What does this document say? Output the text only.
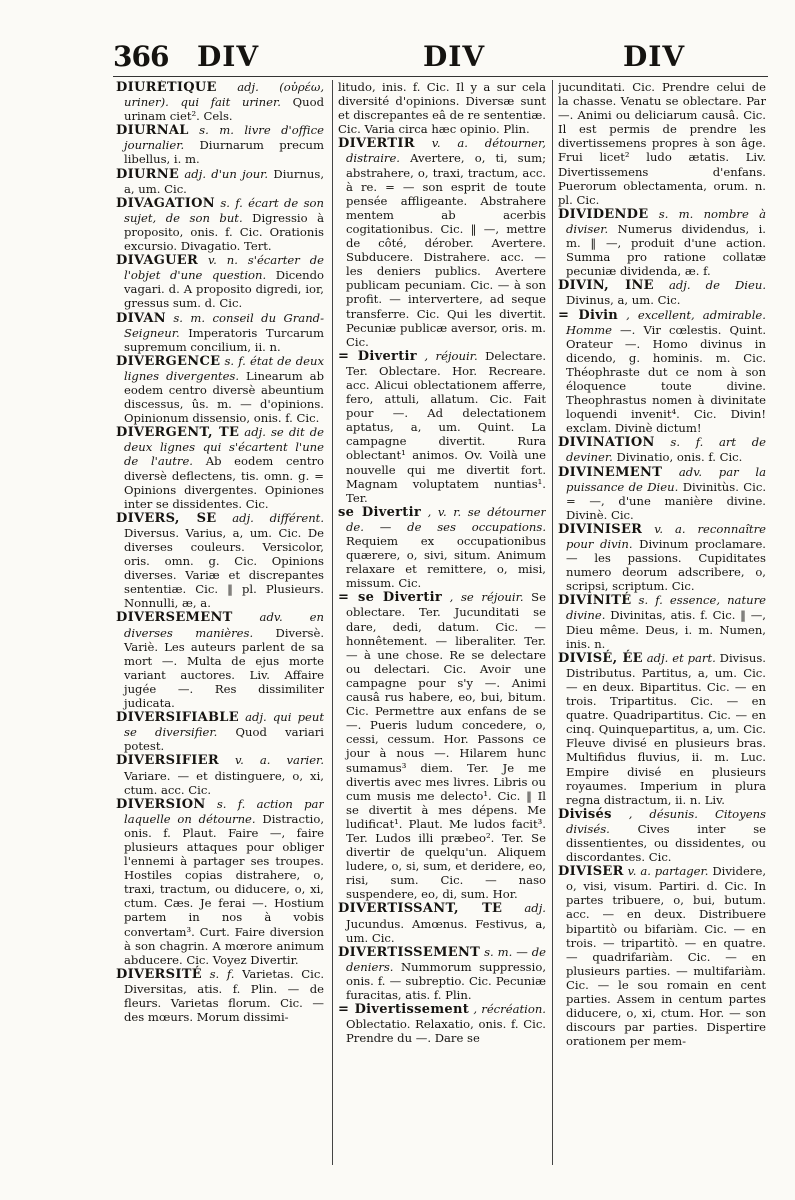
366 DIV	DIV	DIV

DIURÉTIQUE adj. (οὐρέω, uriner). qui fait uriner. Quod urinam ciet². Cels.

DIURNAL s. m. livre d'office journalier. Diurnarum precum libellus, i. m.

DIURNE adj. d'un jour. Diurnus, a, um. Cic.

DIVAGATION s. f. écart de son sujet, de son but. Digressio à proposito, onis. f. Cic. Orationis excursio. Divagatio. Tert.

DIVAGUER v. n. s'écarter de l'objet d'une question. Dicendo vagari. d. A proposito digredi, ior, gressus sum. d. Cic.

DIVAN s. m. conseil du Grand-Seigneur. Imperatoris Turcarum supremum concilium, ii. n.

DIVERGENCE s. f. état de deux lignes divergentes. Linearum ab eodem centro diversè abeuntium discessus, ûs. m. — d'opinions. Opinionum dissensio, onis. f. Cic.

DIVERGENT, TE adj. se dit de deux lignes qui s'écartent l'une de l'autre. Ab eodem centro diversè deflectens, tis. omn. g. = Opinions divergentes. Opiniones inter se dissidentes. Cic.

DIVERS, SE adj. différent. Diversus. Varius, a, um. Cic. De diverses couleurs. Versicolor, oris. omn. g. Cic. Opinions diverses. Variæ et discrepantes sententiæ. Cic. ‖ pl. Plusieurs. Nonnulli, æ, a.

DIVERSEMENT adv. en diverses manières. Diversè. Variè. Les auteurs parlent de sa mort —. Multa de ejus morte variant auctores. Liv. Affaire jugée —. Res dissimiliter judicata.

DIVERSIFIABLE adj. qui peut se diversifier. Quod variari potest.

DIVERSIFIER v. a. varier. Variare. — et distinguere, o, xi, ctum. acc. Cic.

DIVERSION s. f. action par laquelle on détourne. Distractio, onis. f. Plaut. Faire —, faire plusieurs attaques pour obliger l'ennemi à partager ses troupes. Hostiles copias distrahere, o, traxi, tractum, ou diducere, o, xi, ctum. Cæs. Je ferai —. Hostium partem in nos à vobis convertam³. Curt. Faire diversion à son chagrin. A mœrore animum abducere. Cic. Voyez Divertir.

DIVERSITÉ s. f. Varietas. Cic. Diversitas, atis. f. Plin. — de fleurs. Varietas florum. Cic. — des mœurs. Morum dissimi-

litudo, inis. f. Cic. Il y a sur cela diversité d'opinions. Diversæ sunt et discrepantes eâ de re sententiæ. Cic. Varia circa hæc opinio. Plin.

DIVERTIR v. a. détourner, distraire. Avertere, o, ti, sum; abstrahere, o, traxi, tractum, acc. à re. = — son esprit de toute pensée affligeante. Abstrahere mentem ab acerbis cogitationibus. Cic. ‖ —, mettre de côté, dérober. Avertere. Subducere. Distrahere. acc. — les deniers publics. Avertere publicam pecuniam. Cic. — à son profit. — intervertere, ad seque transferre. Cic. Qui les divertit. Pecuniæ publicæ aversor, oris. m. Cic.

= Divertir , réjouir. Delectare. Ter. Oblectare. Hor. Recreare. acc. Alicui oblectationem afferre, fero, attuli, allatum. Cic. Fait pour —. Ad delectationem aptatus, a, um. Quint. La campagne divertit. Rura oblectant¹ animos. Ov. Voilà une nouvelle qui me divertit fort. Magnam voluptatem nuntias¹. Ter.

se Divertir , v. r. se détourner de. — de ses occupations. Requiem ex occupationibus quærere, o, sivi, situm. Animum relaxare et remittere, o, misi, missum. Cic.

= se Divertir , se réjouir. Se oblectare. Ter. Jucunditati se dare, dedi, datum. Cic. — honnêtement. — liberaliter. Ter. — à une chose. Re se delectare ou delectari. Cic. Avoir une campagne pour s'y —. Animi causâ rus habere, eo, bui, bitum. Cic. Permettre aux enfans de se —. Pueris ludum concedere, o, cessi, cessum. Hor. Passons ce jour à nous —. Hilarem hunc sumamus³ diem. Ter. Je me divertis avec mes livres. Libris ou cum musis me delecto¹. Cic. ‖ Il se divertit à mes dépens. Me ludificat¹. Plaut. Me ludos facit³. Ter. Ludos illi præbeo². Ter. Se divertir de quelqu'un. Aliquem ludere, o, si, sum, et deridere, eo, risi, sum. Cic. — naso suspendere, eo, di, sum. Hor.

DIVERTISSANT, TE adj. Jucundus. Amœnus. Festivus, a, um. Cic.

DIVERTISSEMENT s. m. — de deniers. Nummorum suppressio, onis. f. — subreptio. Cic. Pecuniæ furacitas, atis. f. Plin.

= Divertissement , récréation. Oblectatio. Relaxatio, onis. f. Cic. Prendre du —. Dare se

jucunditati. Cic. Prendre celui de la chasse. Venatu se oblectare. Par —. Animi ou deliciarum causâ. Cic. Il est permis de prendre les divertissemens propres à son âge. Frui licet² ludo ætatis. Liv. Divertissemens d'enfans. Puerorum oblectamenta, orum. n. pl. Cic.

DIVIDENDE s. m. nombre à diviser. Numerus dividendus, i. m. ‖ —, produit d'une action. Summa pro ratione collatæ pecuniæ dividenda, æ. f.

DIVIN, INE adj. de Dieu. Divinus, a, um. Cic.

= Divin , excellent, admirable. Homme —. Vir cœlestis. Quint. Orateur —. Homo divinus in dicendo, g. hominis. m. Cic. Théophraste dut ce nom à son éloquence toute divine. Theophrastus nomen à divinitate loquendi invenit⁴. Cic. Divin! exclam. Divinè dictum!

DIVINATION s. f. art de deviner. Divinatio, onis. f. Cic.

DIVINEMENT adv. par la puissance de Dieu. Divinitùs. Cic. = —, d'une manière divine. Divinè. Cic.

DIVINISER v. a. reconnaître pour divin. Divinum proclamare. — les passions. Cupiditates numero deorum adscribere, o, scripsi, scriptum. Cic.

DIVINITÉ s. f. essence, nature divine. Divinitas, atis. f. Cic. ‖ —, Dieu même. Deus, i. m. Numen, inis. n.

DIVISÉ, ÉE adj. et part. Divisus. Distributus. Partitus, a, um. Cic. — en deux. Bipartitus. Cic. — en trois. Tripartitus. Cic. — en quatre. Quadripartitus. Cic. — en cinq. Quinquepartitus, a, um. Cic. Fleuve divisé en plusieurs bras. Multifidus fluvius, ii. m. Luc. Empire divisé en plusieurs royaumes. Imperium in plura regna distractum, ii. n. Liv.

Divisés , désunis. Citoyens divisés. Cives inter se dissentientes, ou dissidentes, ou discordantes. Cic.

DIVISER v. a. partager. Dividere, o, visi, visum. Partiri. d. Cic. In partes tribuere, o, bui, butum. acc. — en deux. Distribuere bipartitò ou bifariàm. Cic. — en trois. — tripartitò. — en quatre. — quadrifariàm. Cic. — en plusieurs parties. — multifariàm. Cic. — le sou romain en cent parties. Assem in centum partes diducere, o, xi, ctum. Hor. — son discours par parties. Dispertire orationem per mem-
